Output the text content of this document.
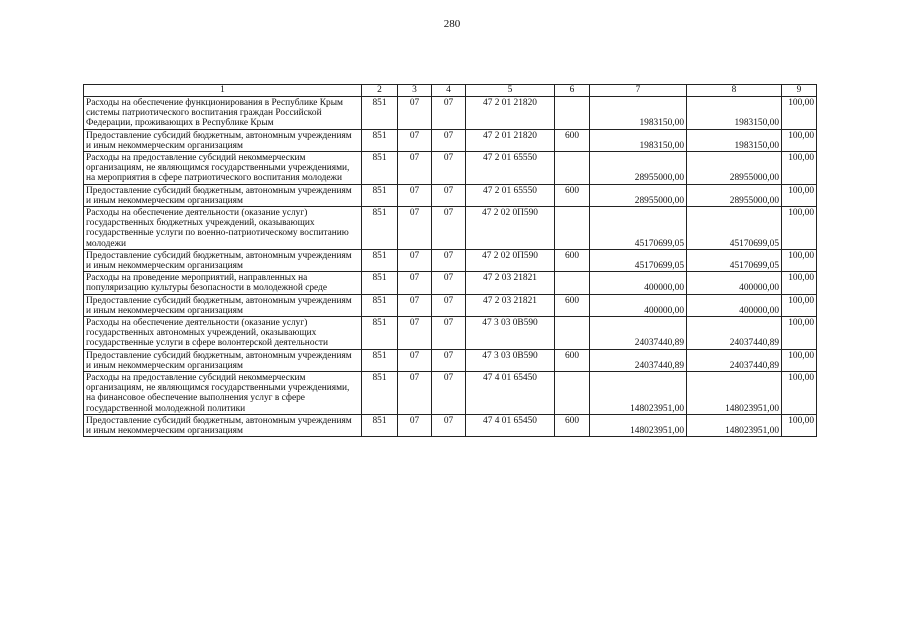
280
1	2	3	4	5	6	7	8	9
Расходы на обеспечение функционирования в Республике Крым системы патриотического воспитания граждан Российской Федерации, проживающих в Республике Крым	851	07	07	47 2 01 21820		1983150,00	1983150,00	100,00
Предоставление субсидий бюджетным, автономным учреждениям и иным некоммерческим организациям	851	07	07	47 2 01 21820	600	1983150,00	1983150,00	100,00
Расходы на предоставление субсидий некоммерческим организациям, не являющимся государственными учреждениями, на мероприятия в сфере патриотического воспитания молодежи	851	07	07	47 2 01 65550		28955000,00	28955000,00	100,00
Предоставление субсидий бюджетным, автономным учреждениям и иным некоммерческим организациям	851	07	07	47 2 01 65550	600	28955000,00	28955000,00	100,00
Расходы на обеспечение деятельности (оказание услуг) государственных бюджетных учреждений, оказывающих государственные услуги по военно-патриотическому воспитанию молодежи	851	07	07	47 2 02 0П590		45170699,05	45170699,05	100,00
Предоставление субсидий бюджетным, автономным учреждениям и иным некоммерческим организациям	851	07	07	47 2 02 0П590	600	45170699,05	45170699,05	100,00
Расходы на проведение мероприятий, направленных на популяризацию культуры безопасности в молодежной среде	851	07	07	47 2 03 21821		400000,00	400000,00	100,00
Предоставление субсидий бюджетным, автономным учреждениям и иным некоммерческим организациям	851	07	07	47 2 03 21821	600	400000,00	400000,00	100,00
Расходы на обеспечение деятельности (оказание услуг) государственных автономных учреждений, оказывающих государственные услуги в сфере волонтерской деятельности	851	07	07	47 3 03 0В590		24037440,89	24037440,89	100,00
Предоставление субсидий бюджетным, автономным учреждениям и иным некоммерческим организациям	851	07	07	47 3 03 0В590	600	24037440,89	24037440,89	100,00
Расходы на предоставление субсидий некоммерческим организациям, не являющимся государственными учреждениями, на финансовое обеспечение выполнения услуг в сфере государственной молодежной политики	851	07	07	47 4 01 65450		148023951,00	148023951,00	100,00
Предоставление субсидий бюджетным, автономным учреждениям и иным некоммерческим организациям	851	07	07	47 4 01 65450	600	148023951,00	148023951,00	100,00
